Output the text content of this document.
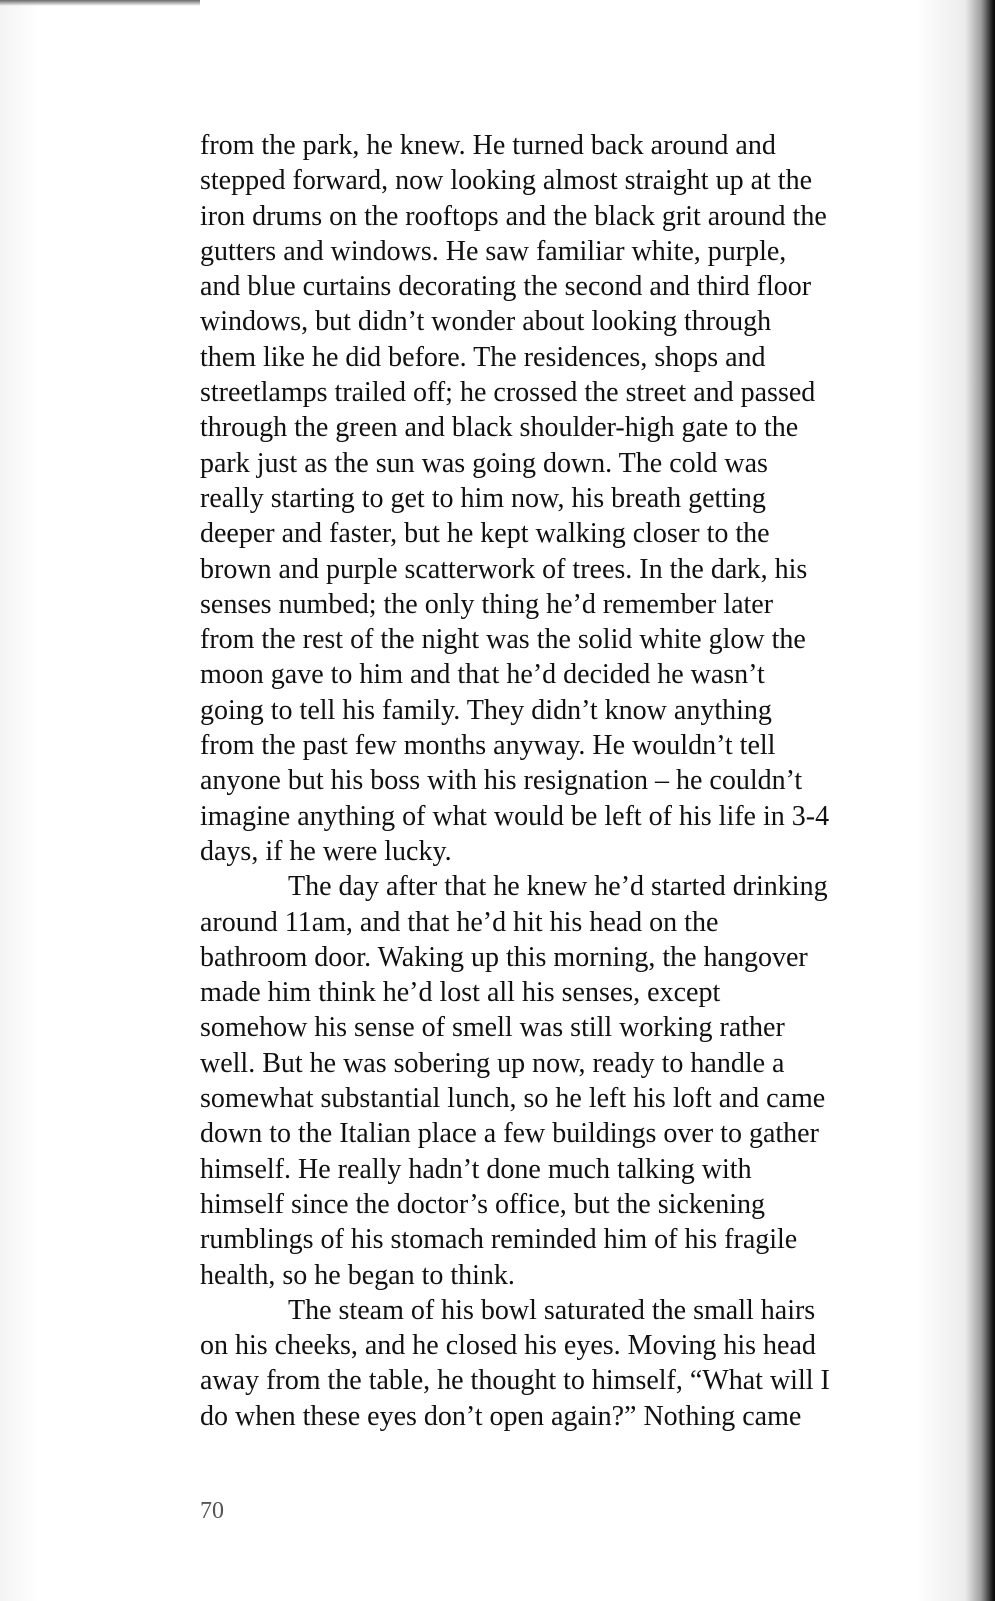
from the park, he knew. He turned back around and
stepped forward, now looking almost straight up at the
iron drums on the rooftops and the black grit around the
gutters and windows. He saw familiar white, purple,
and blue curtains decorating the second and third floor
windows, but didn’t wonder about looking through
them like he did before. The residences, shops and
streetlamps trailed off; he crossed the street and passed
through the green and black shoulder-high gate to the
park just as the sun was going down. The cold was
really starting to get to him now, his breath getting
deeper and faster, but he kept walking closer to the
brown and purple scatterwork of trees. In the dark, his
senses numbed; the only thing he’d remember later
from the rest of the night was the solid white glow the
moon gave to him and that he’d decided he wasn’t
going to tell his family. They didn’t know anything
from the past few months anyway. He wouldn’t tell
anyone but his boss with his resignation – he couldn’t
imagine anything of what would be left of his life in 3-4
days, if he were lucky.
The day after that he knew he’d started drinking
around 11am, and that he’d hit his head on the
bathroom door. Waking up this morning, the hangover
made him think he’d lost all his senses, except
somehow his sense of smell was still working rather
well. But he was sobering up now, ready to handle a
somewhat substantial lunch, so he left his loft and came
down to the Italian place a few buildings over to gather
himself. He really hadn’t done much talking with
himself since the doctor’s office, but the sickening
rumblings of his stomach reminded him of his fragile
health, so he began to think.
The steam of his bowl saturated the small hairs
on his cheeks, and he closed his eyes. Moving his head
away from the table, he thought to himself, “What will I
do when these eyes don’t open again?” Nothing came
70
